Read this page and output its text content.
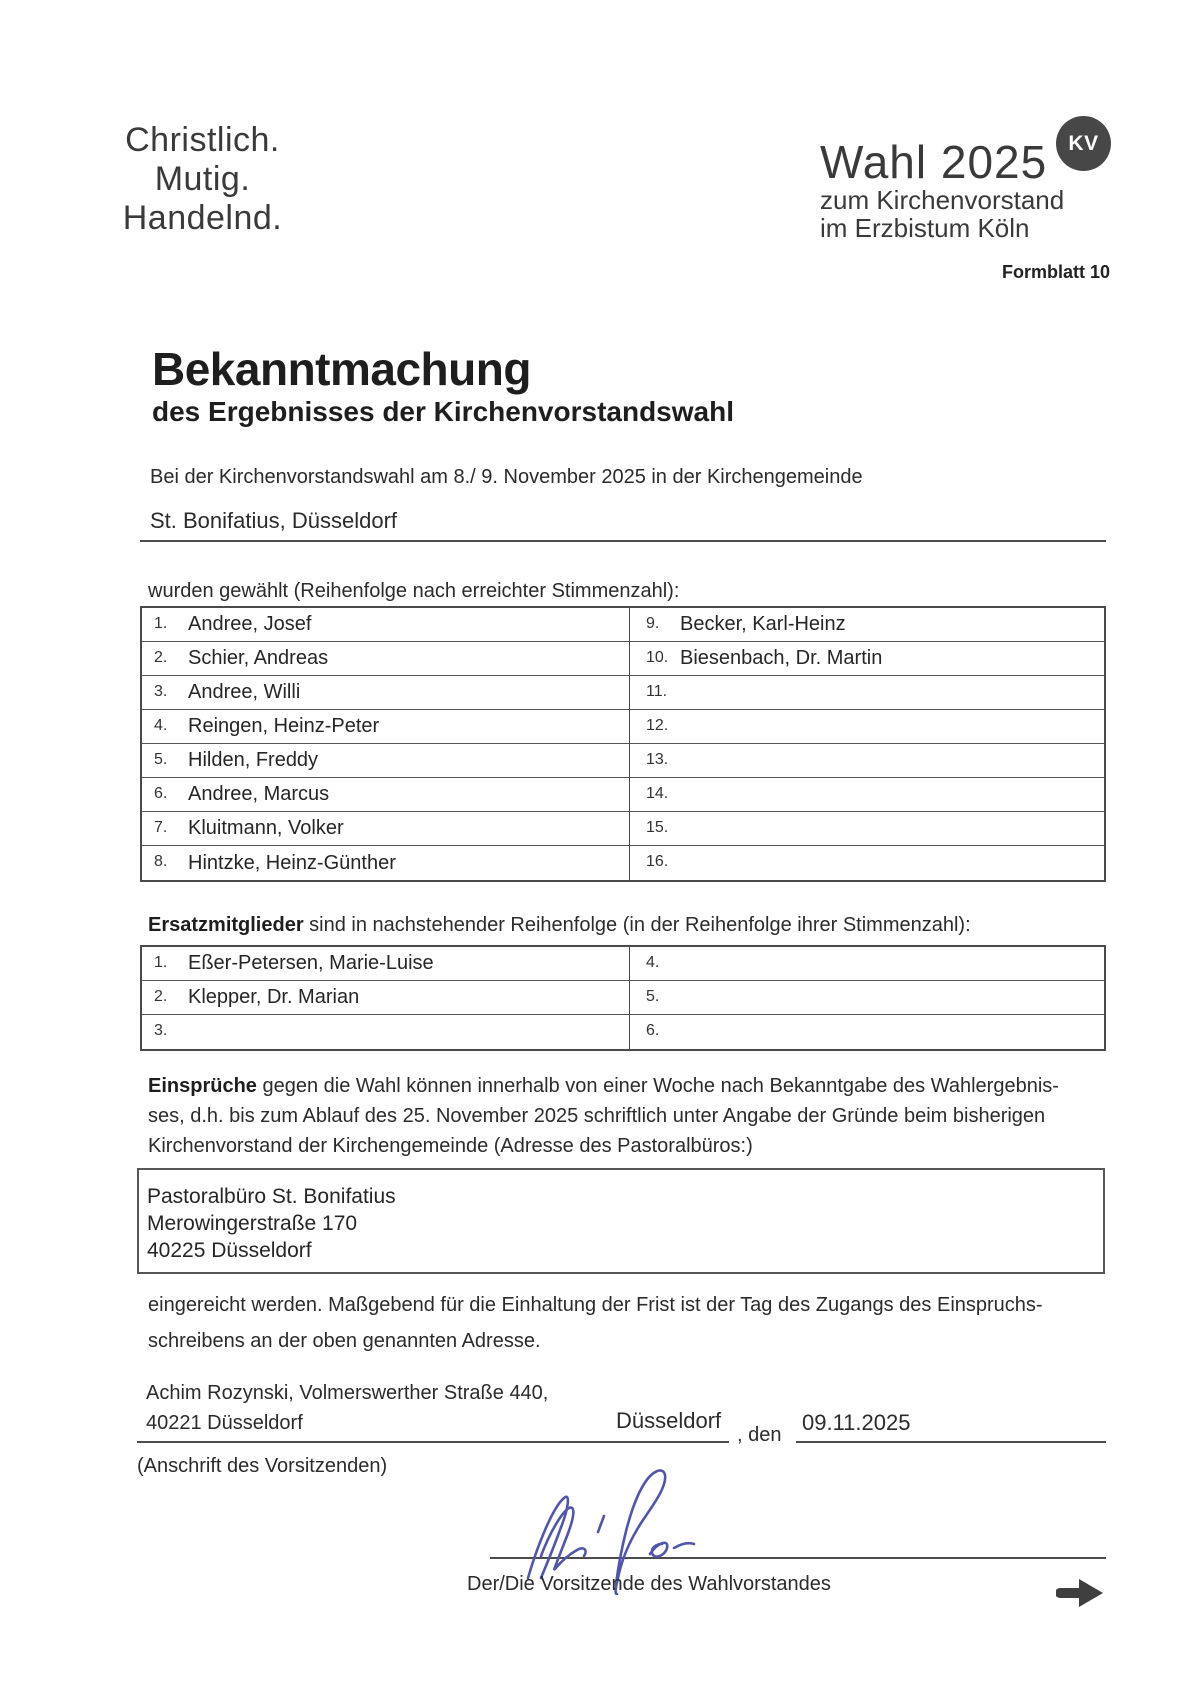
Christlich.
Mutig.
Handelnd.
Wahl 2025
zum Kirchenvorstand
im Erzbistum Köln
KV
Formblatt 10
Bekanntmachung
des Ergebnisses der Kirchenvorstandswahl
Bei der Kirchenvorstandswahl am 8./ 9. November 2025 in der Kirchengemeinde
St. Bonifatius, Düsseldorf
wurden gewählt (Reihenfolge nach erreichter Stimmenzahl):
1.	Andree, Josef	9.	Becker, Karl-Heinz
2.	Schier, Andreas	10. Biesenbach, Dr. Martin
3.	Andree, Willi	11.
4.	Reingen, Heinz-Peter	12.
5.	Hilden, Freddy	13.
6.	Andree, Marcus	14.
7.	Kluitmann, Volker	15.
8.	Hintzke, Heinz-Günther	16.
Ersatzmitglieder sind in nachstehender Reihenfolge (in der Reihenfolge ihrer Stimmenzahl):
1.	Eßer-Petersen, Marie-Luise	4.
2.	Klepper, Dr. Marian	5.
3.	6.
Einsprüche gegen die Wahl können innerhalb von einer Woche nach Bekanntgabe des Wahlergebnis-
ses, d.h. bis zum Ablauf des 25. November 2025 schriftlich unter Angabe der Gründe beim bisherigen
Kirchenvorstand der Kirchengemeinde (Adresse des Pastoralbüros:)
Pastoralbüro St. Bonifatius
Merowingerstraße 170
40225 Düsseldorf
eingereicht werden. Maßgebend für die Einhaltung der Frist ist der Tag des Zugangs des Einspruchs-
schreibens an der oben genannten Adresse.
Achim Rozynski, Volmerswerther Straße 440,
40221 Düsseldorf	Düsseldorf
, den 09.11.2025
(Anschrift des Vorsitzenden)
Der/Die Vorsitzende des Wahlvorstandes
